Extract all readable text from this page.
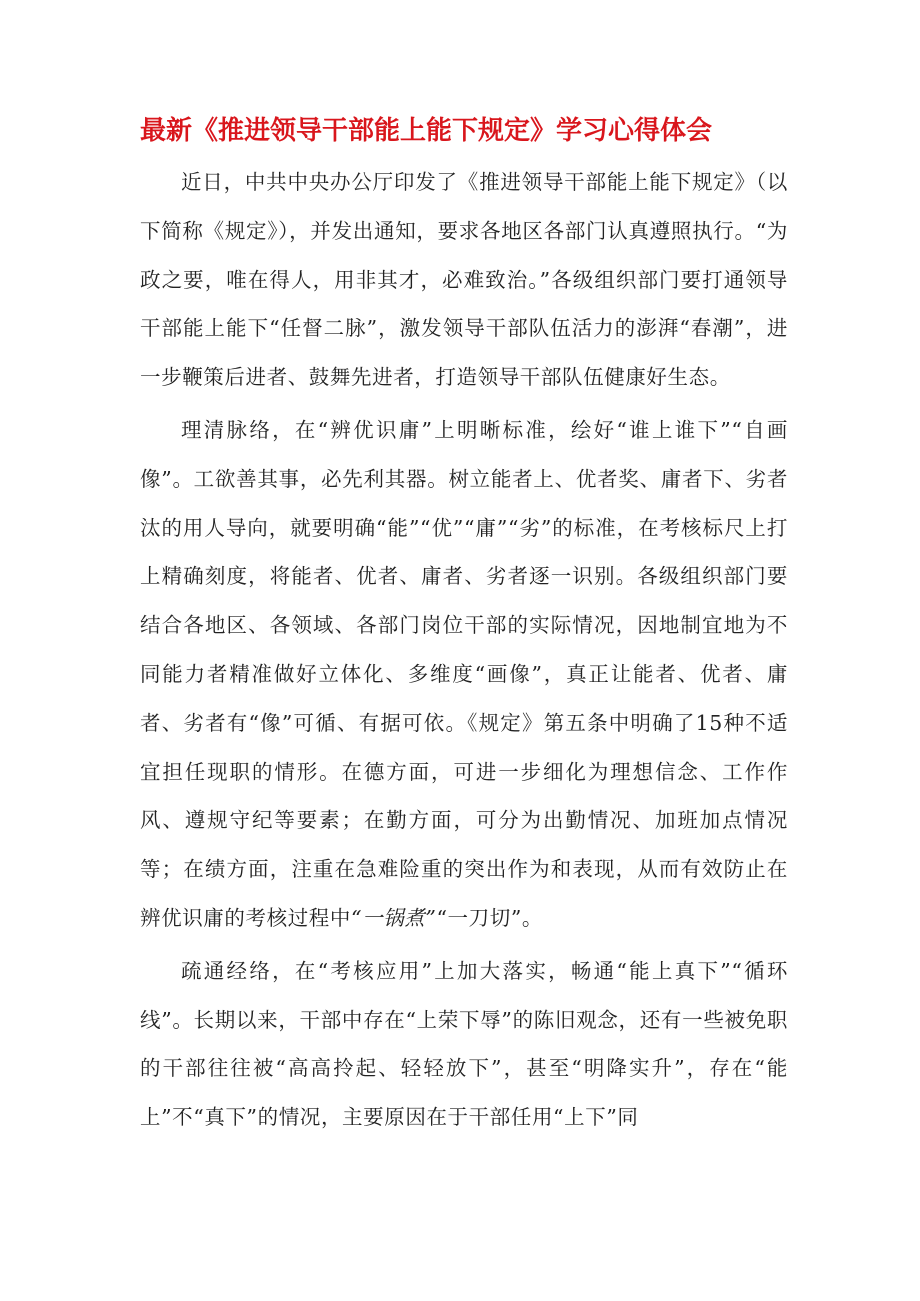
最新《推进领导干部能上能下规定》学习心得体会

近日，中共中央办公厅印发了《推进领导干部能上能下规定》（以下简称《规定》），并发出通知，要求各地区各部门认真遵照执行。“为政之要，唯在得人，用非其才，必难致治。”各级组织部门要打通领导干部能上能下“任督二脉”，激发领导干部队伍活力的澎湃“春潮”，进一步鞭策后进者、鼓舞先进者，打造领导干部队伍健康好生态。

理清脉络，在“辨优识庸”上明晰标准，绘好“谁上谁下”“自画像”。工欲善其事，必先利其器。树立能者上、优者奖、庸者下、劣者汰的用人导向，就要明确“能”“优”“庸”“劣”的标准，在考核标尺上打上精确刻度，将能者、优者、庸者、劣者逐一识别。各级组织部门要结合各地区、各领域、各部门岗位干部的实际情况，因地制宜地为不同能力者精准做好立体化、多维度“画像”，真正让能者、优者、庸者、劣者有“像”可循、有据可依。《规定》第五条中明确了15种不适宜担任现职的情形。在德方面，可进一步细化为理想信念、工作作风、遵规守纪等要素；在勤方面，可分为出勤情况、加班加点情况等；在绩方面，注重在急难险重的突出作为和表现，从而有效防止在辨优识庸的考核过程中“一锅煮”“一刀切”。

疏通经络，在“考核应用”上加大落实，畅通“能上真下”“循环线”。长期以来，干部中存在“上荣下辱”的陈旧观念，还有一些被免职的干部往往被“高高拎起、轻轻放下”，甚至“明降实升”，存在“能上”不“真下”的情况，主要原因在于干部任用“上下”同
